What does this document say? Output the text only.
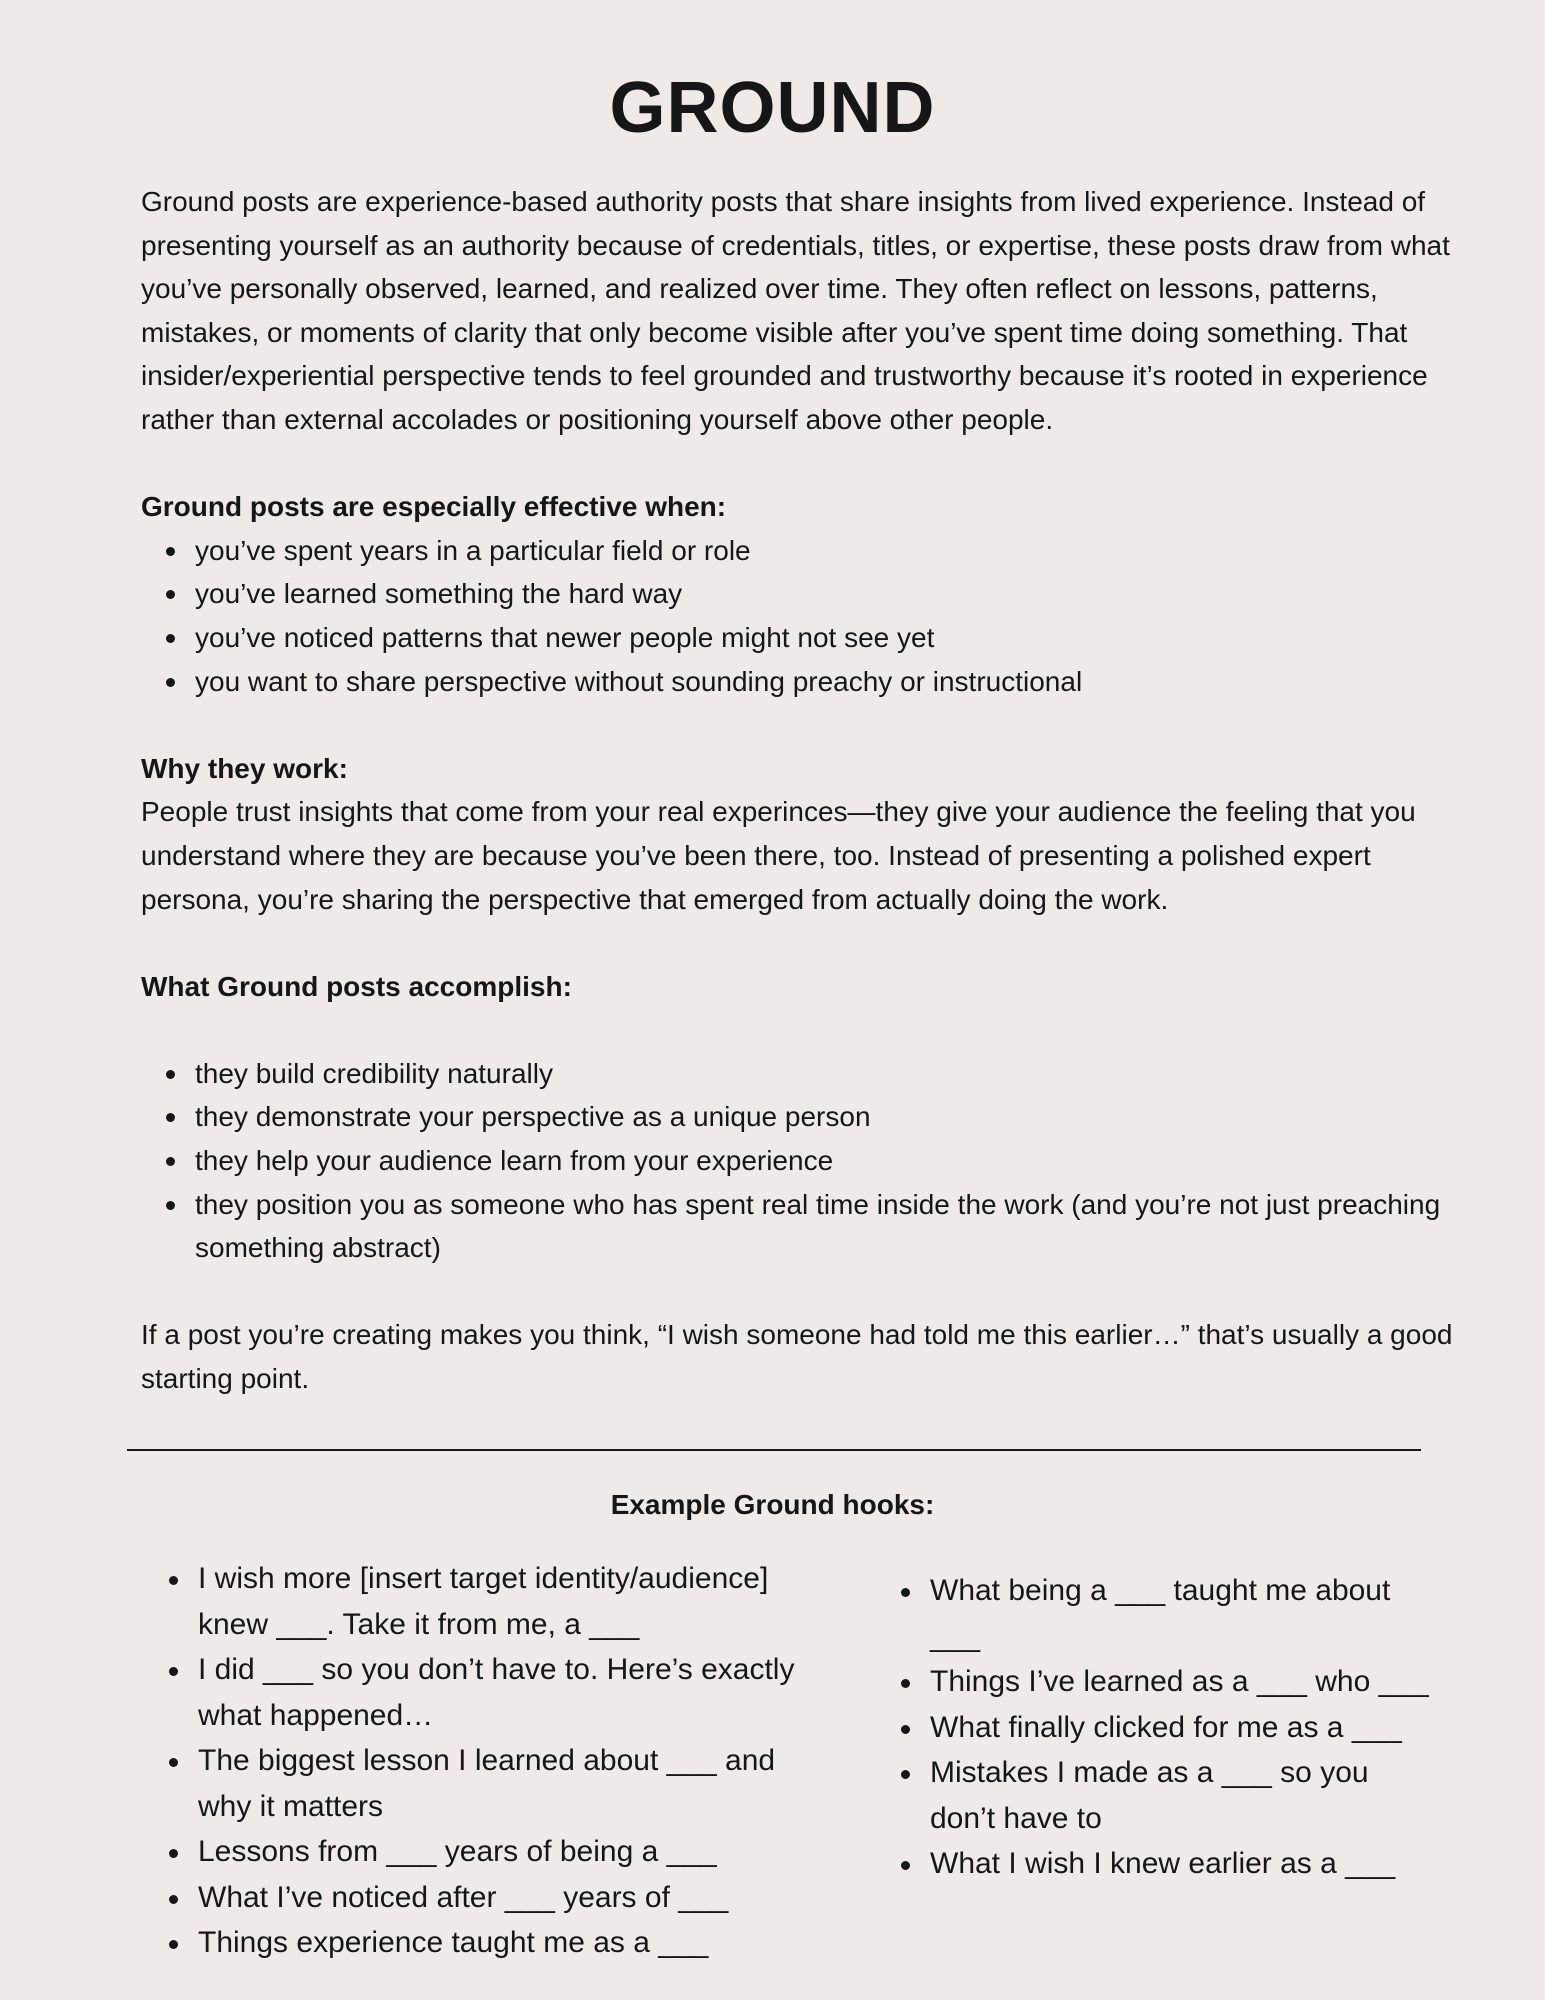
GROUND

Ground posts are experience-based authority posts that share insights from lived experience. Instead of presenting yourself as an authority because of credentials, titles, or expertise, these posts draw from what you’ve personally observed, learned, and realized over time. They often reflect on lessons, patterns, mistakes, or moments of clarity that only become visible after you’ve spent time doing something. That insider/experiential perspective tends to feel grounded and trustworthy because it’s rooted in experience rather than external accolades or positioning yourself above other people.

Ground posts are especially effective when:

you’ve spent years in a particular field or role
you’ve learned something the hard way
you’ve noticed patterns that newer people might not see yet
you want to share perspective without sounding preachy or instructional

Why they work:

People trust insights that come from your real experinces—they give your audience the feeling that you understand where they are because you’ve been there, too. Instead of presenting a polished expert persona, you’re sharing the perspective that emerged from actually doing the work.

What Ground posts accomplish:

they build credibility naturally
they demonstrate your perspective as a unique person
they help your audience learn from your experience
they position you as someone who has spent real time inside the work (and you’re not just preaching something abstract)

If a post you’re creating makes you think, “I wish someone had told me this earlier…” that’s usually a good starting point.

Example Ground hooks:
I wish more [insert target identity/audience] knew ___. Take it from me, a ___
I did ___ so you don’t have to. Here’s exactly what happened…
The biggest lesson I learned about ___ and why it matters
Lessons from ___ years of being a ___
What I’ve noticed after ___ years of ___
Things experience taught me as a ___
What being a ___ taught me about ___
Things I’ve learned as a ___ who ___
What finally clicked for me as a ___
Mistakes I made as a ___ so you don’t have to
What I wish I knew earlier as a ___
